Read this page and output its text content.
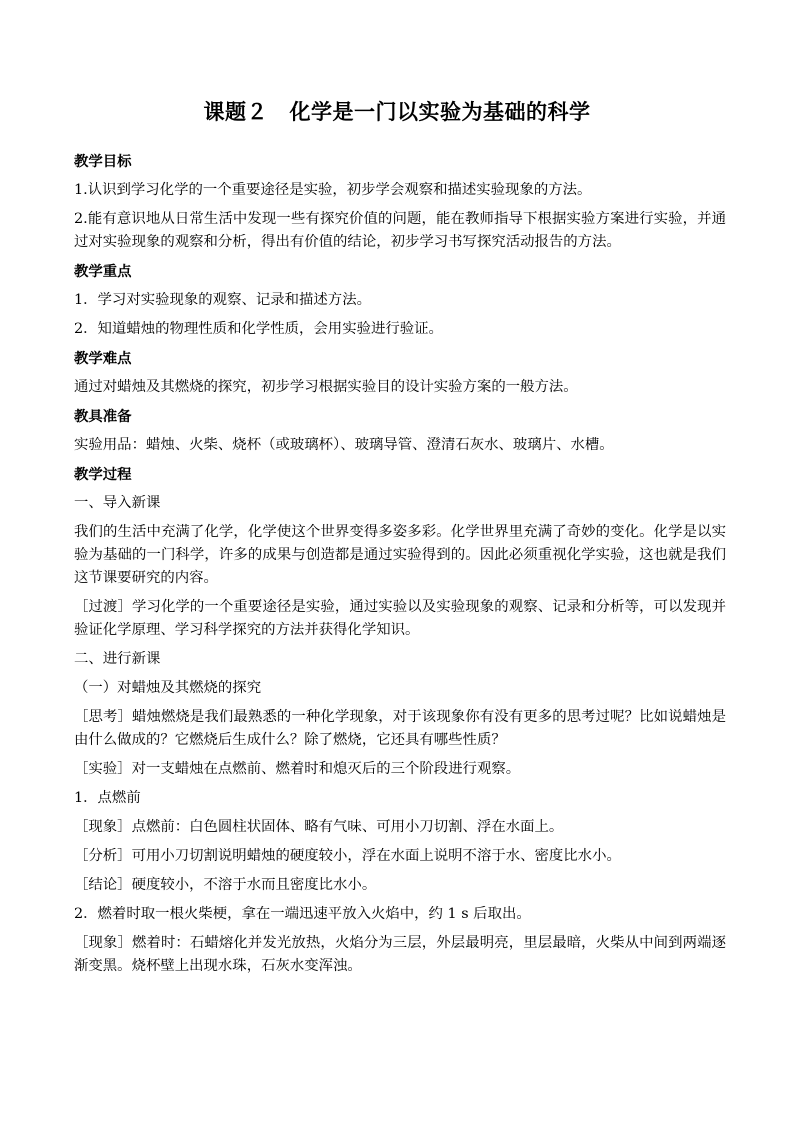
课题２　化学是一门以实验为基础的科学
教学目标
1.认识到学习化学的一个重要途径是实验，初步学会观察和描述实验现象的方法。
2.能有意识地从日常生活中发现一些有探究价值的问题，能在教师指导下根据实验方案进行实验，并通过对实验现象的观察和分析，得出有价值的结论，初步学习书写探究活动报告的方法。
教学重点
1．学习对实验现象的观察、记录和描述方法。
2．知道蜡烛的物理性质和化学性质，会用实验进行验证。
教学难点
通过对蜡烛及其燃烧的探究，初步学习根据实验目的设计实验方案的一般方法。
教具准备
实验用品：蜡烛、火柴、烧杯（或玻璃杯）、玻璃导管、澄清石灰水、玻璃片、水槽。
教学过程
一、导入新课
我们的生活中充满了化学，化学使这个世界变得多姿多彩。化学世界里充满了奇妙的变化。化学是以实验为基础的一门科学，许多的成果与创造都是通过实验得到的。因此必须重视化学实验，这也就是我们这节课要研究的内容。
［过渡］学习化学的一个重要途径是实验，通过实验以及实验现象的观察、记录和分析等，可以发现并验证化学原理、学习科学探究的方法并获得化学知识。
二、进行新课
（一）对蜡烛及其燃烧的探究
［思考］蜡烛燃烧是我们最熟悉的一种化学现象，对于该现象你有没有更多的思考过呢？比如说蜡烛是由什么做成的？它燃烧后生成什么？除了燃烧，它还具有哪些性质？
［实验］对一支蜡烛在点燃前、燃着时和熄灭后的三个阶段进行观察。
1．点燃前
［现象］点燃前：白色圆柱状固体、略有气味、可用小刀切割、浮在水面上。
［分析］可用小刀切割说明蜡烛的硬度较小，浮在水面上说明不溶于水、密度比水小。
［结论］硬度较小，不溶于水而且密度比水小。
2．燃着时取一根火柴梗，拿在一端迅速平放入火焰中，约 1 s 后取出。
［现象］燃着时：石蜡熔化并发光放热，火焰分为三层，外层最明亮，里层最暗，火柴从中间到两端逐渐变黑。烧杯壁上出现水珠，石灰水变浑浊。
